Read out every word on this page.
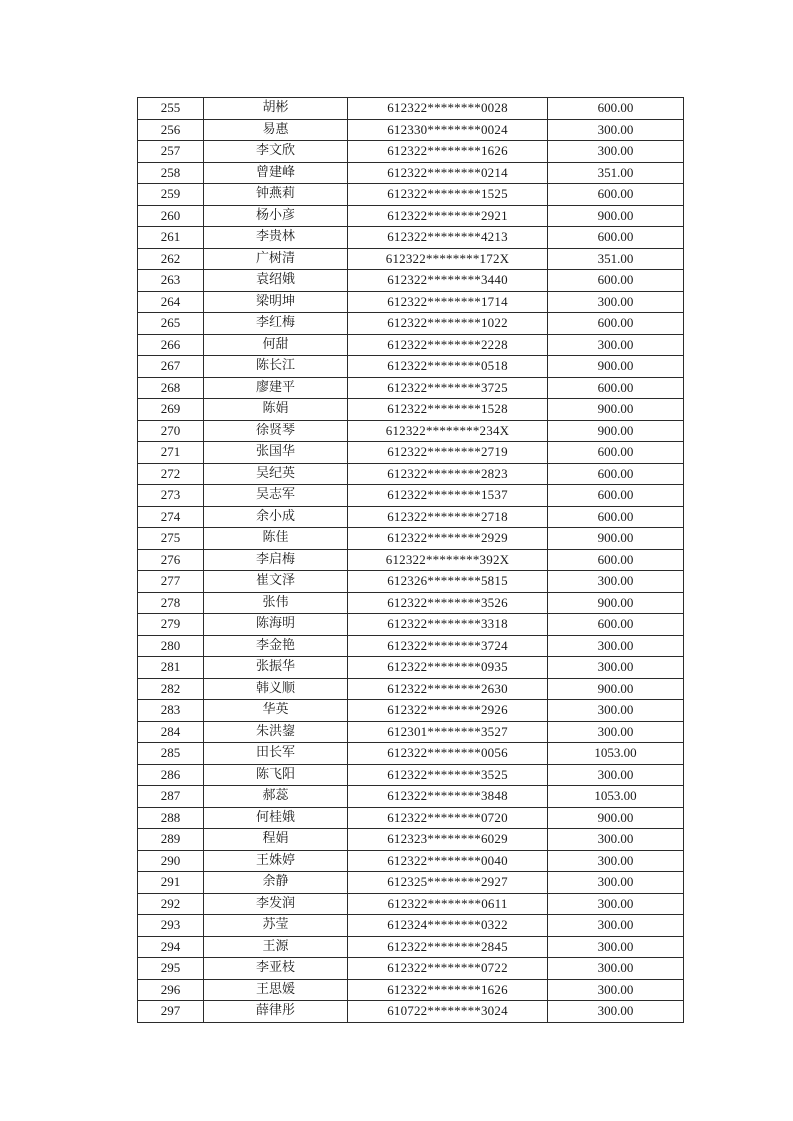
255	胡彬	612322********0028	600.00
256	易惠	612330********0024	300.00
257	李文欣	612322********1626	300.00
258	曾建峰	612322********0214	351.00
259	钟燕莉	612322********1525	600.00
260	杨小彦	612322********2921	900.00
261	李贵林	612322********4213	600.00
262	广树清	612322********172X	351.00
263	袁绍娥	612322********3440	600.00
264	梁明坤	612322********1714	300.00
265	李红梅	612322********1022	600.00
266	何甜	612322********2228	300.00
267	陈长江	612322********0518	900.00
268	廖建平	612322********3725	600.00
269	陈娟	612322********1528	900.00
270	徐贤琴	612322********234X	900.00
271	张国华	612322********2719	600.00
272	吴纪英	612322********2823	600.00
273	吴志军	612322********1537	600.00
274	余小成	612322********2718	600.00
275	陈佳	612322********2929	900.00
276	李启梅	612322********392X	600.00
277	崔文泽	612326********5815	300.00
278	张伟	612322********3526	900.00
279	陈海明	612322********3318	600.00
280	李金艳	612322********3724	300.00
281	张振华	612322********0935	300.00
282	韩义顺	612322********2630	900.00
283	华英	612322********2926	300.00
284	朱洪鋆	612301********3527	300.00
285	田长军	612322********0056	1053.00
286	陈飞阳	612322********3525	300.00
287	郝蕊	612322********3848	1053.00
288	何桂娥	612322********0720	900.00
289	程娟	612323********6029	300.00
290	王姝婷	612322********0040	300.00
291	余静	612325********2927	300.00
292	李发润	612322********0611	300.00
293	苏莹	612324********0322	300.00
294	王源	612322********2845	300.00
295	李亚枝	612322********0722	300.00
296	王思媛	612322********1626	300.00
297	薛律彤	610722********3024	300.00
